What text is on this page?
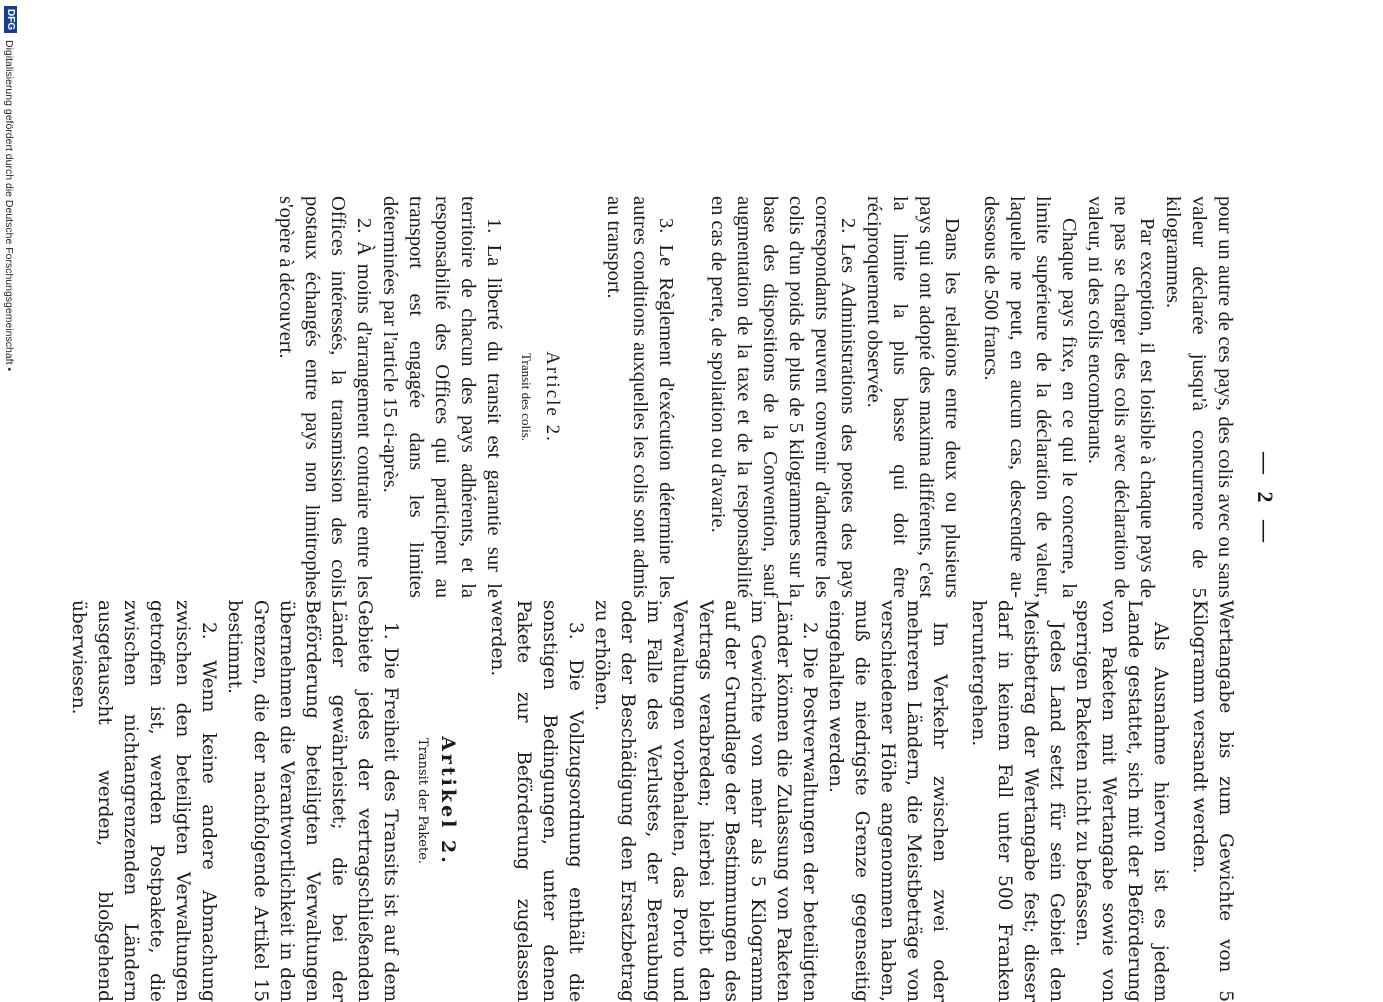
— 2 —

pour un autre de ces pays, des colis avec ou sans valeur déclarée jusqu'à concurrence de 5 kilogrammes.

Par exception, il est loisible à chaque pays de ne pas se charger des colis avec déclaration de valeur, ni des colis encombrants.

Chaque pays fixe, en ce qui le concerne, la limite supérieure de la déclaration de valeur, laquelle ne peut, en aucun cas, descendre au-dessous de 500 francs.

Dans les relations entre deux ou plusieurs pays qui ont adopté des maxima différents, c'est la limite la plus basse qui doit être réciproquement observée.

2. Les Administrations des postes des pays correspondants peuvent convenir d'admettre les colis d'un poids de plus de 5 kilogrammes sur la base des dispositions de la Convention, sauf augmentation de la taxe et de la responsabilité en cas de perte, de spoliation ou d'avarie.

3. Le Règlement d'exécution détermine les autres conditions auxquelles les colis sont admis au transport.

Article 2.
Transit des colis.

1. La liberté du transit est garantie sur le territoire de chacun des pays adhérents, et la responsabilité des Offices qui participent au transport est engagée dans les limites déterminées par l'article 15 ci-après.

2. À moins d'arrangement contraire entre les Offices intéressés, la transmission des colis postaux échangés entre pays non limitrophes s'opère à découvert.

Wertangabe bis zum Gewichte von 5 Kilogramm versandt werden.

Als Ausnahme hiervon ist es jedem Lande gestattet, sich mit der Beförderung von Paketen mit Wertangabe sowie von sperrigen Paketen nicht zu befassen.

Jedes Land setzt für sein Gebiet den Meistbetrag der Wertangabe fest; dieser darf in keinem Fall unter 500 Franken heruntergehen.

Im Verkehr zwischen zwei oder mehreren Ländern, die Meistbeträge von verschiedener Höhe angenommen haben, muß die niedrigste Grenze gegenseitig eingehalten werden.

2. Die Postverwaltungen der beteiligten Länder können die Zulassung von Paketen im Gewichte von mehr als 5 Kilogramm auf der Grundlage der Bestimmungen des Vertrags verabreden; hierbei bleibt den Verwaltungen vorbehalten, das Porto und im Falle des Verlustes, der Beraubung oder der Beschädigung den Ersatzbetrag zu erhöhen.

3. Die Vollzugsordnung enthält die sonstigen Bedingungen, unter denen Pakete zur Beförderung zugelassen werden.

Artikel 2.
Transit der Pakete.

1. Die Freiheit des Transits ist auf dem Gebiete jedes der vertragschließenden Länder gewährleistet; die bei der Beförderung beteiligten Verwaltungen übernehmen die Verantwortlichkeit in den Grenzen, die der nachfolgende Artikel 15 bestimmt.

2. Wenn keine andere Abmachung zwischen den beteiligten Verwaltungen getroffen ist, werden Postpakete, die zwischen nichtangrenzenden Ländern ausgetauscht werden, bloßgehend überwiesen.

DFG
Digitalisierung gefördert durch die Deutsche Forschungsgemeinschaft •
